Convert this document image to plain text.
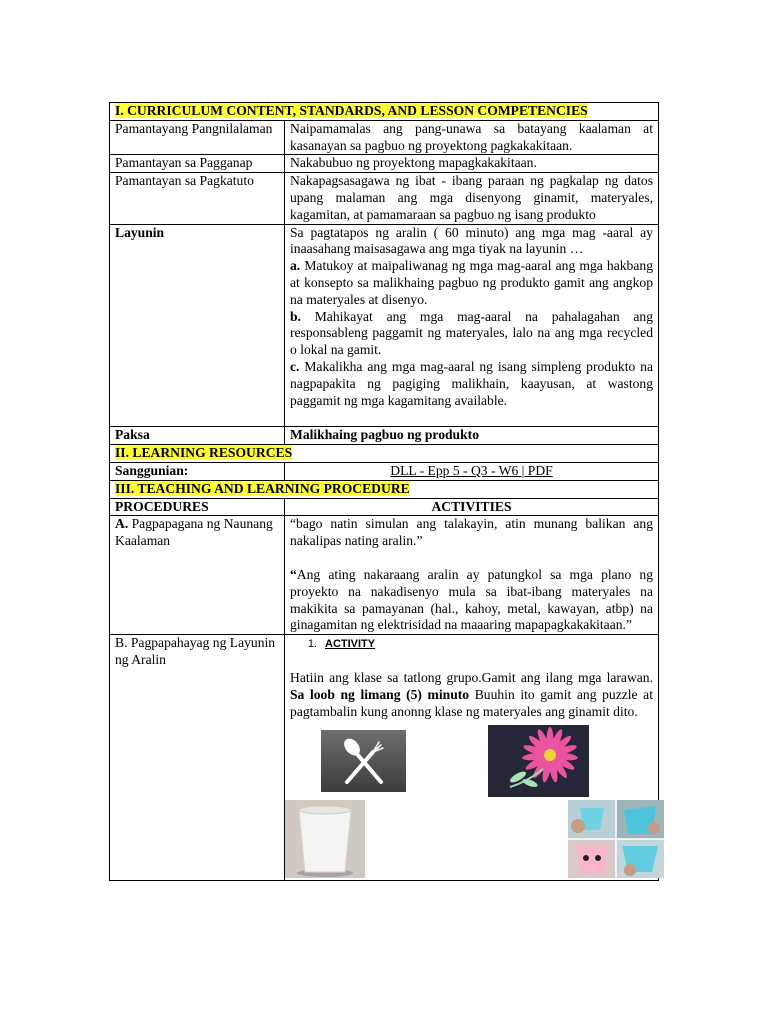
I. CURRICULUM CONTENT, STANDARDS, AND LESSON COMPETENCIES	
Pamantayang Pangnilalaman	Naipamamalas ang pang-unawa sa batayang kaalaman at kasanayan sa pagbuo ng proyektong pagkakakitaan.
Pamantayan sa Pagganap	Nakabubuo ng proyektong mapagkakakitaan.
Pamantayan sa Pagkatuto	Nakapagsasagawa ng ibat - ibang paraan ng pagkalap ng datos upang malaman ang mga disenyong ginamit, materyales, kagamitan, at pamamaraan sa pagbuo ng isang produkto
Layunin	Sa pagtatapos ng aralin ( 60 minuto) ang mga mag -aaral ay inaasahang maisasagawa ang mga tiyak na layunin …

a. Matukoy at maipaliwanag ng mga mag-aaral ang mga hakbang at konsepto sa malikhaing pagbuo ng produkto gamit ang angkop na materyales at disenyo.

b. Mahikayat ang mga mag-aaral na pahalagahan ang responsableng paggamit ng materyales, lalo na ang mga recycled o lokal na gamit.

c. Makalikha ang mga mag-aaral ng isang simpleng produkto na nagpapakita ng pagiging malikhain, kaayusan, at wastong paggamit ng mga kagamitang available.

Paksa	Malikhaing pagbuo ng produkto
II. LEARNING RESOURCES	
Sanggunian:	DLL - Epp 5 - Q3 - W6 | PDF
III. TEACHING AND LEARNING PROCEDURE	
PROCEDURES	ACTIVITIES
A. Pagpapagana ng Naunang Kaalaman	“bago natin simulan ang talakayin, atin munang balikan ang nakalipas nating aralin.”

“Ang ating nakaraang aralin ay patungkol sa mga plano ng proyekto na nakadisenyo mula sa ibat-ibang materyales na makikita sa pamayanan (hal., kahoy, metal, kawayan, atbp) na ginagamitan ng elektrisidad na maaaring mapapagkakakitaan.”

B. Pagpapahayag ng Layunin ng Aralin	1. ACTIVITY

Hatiin ang klase sa tatlong grupo.Gamit ang ilang mga larawan. Sa loob ng limang (5) minuto Buuhin ito gamit ang puzzle at pagtambalin kung anonng klase ng materyales ang ginamit dito.
